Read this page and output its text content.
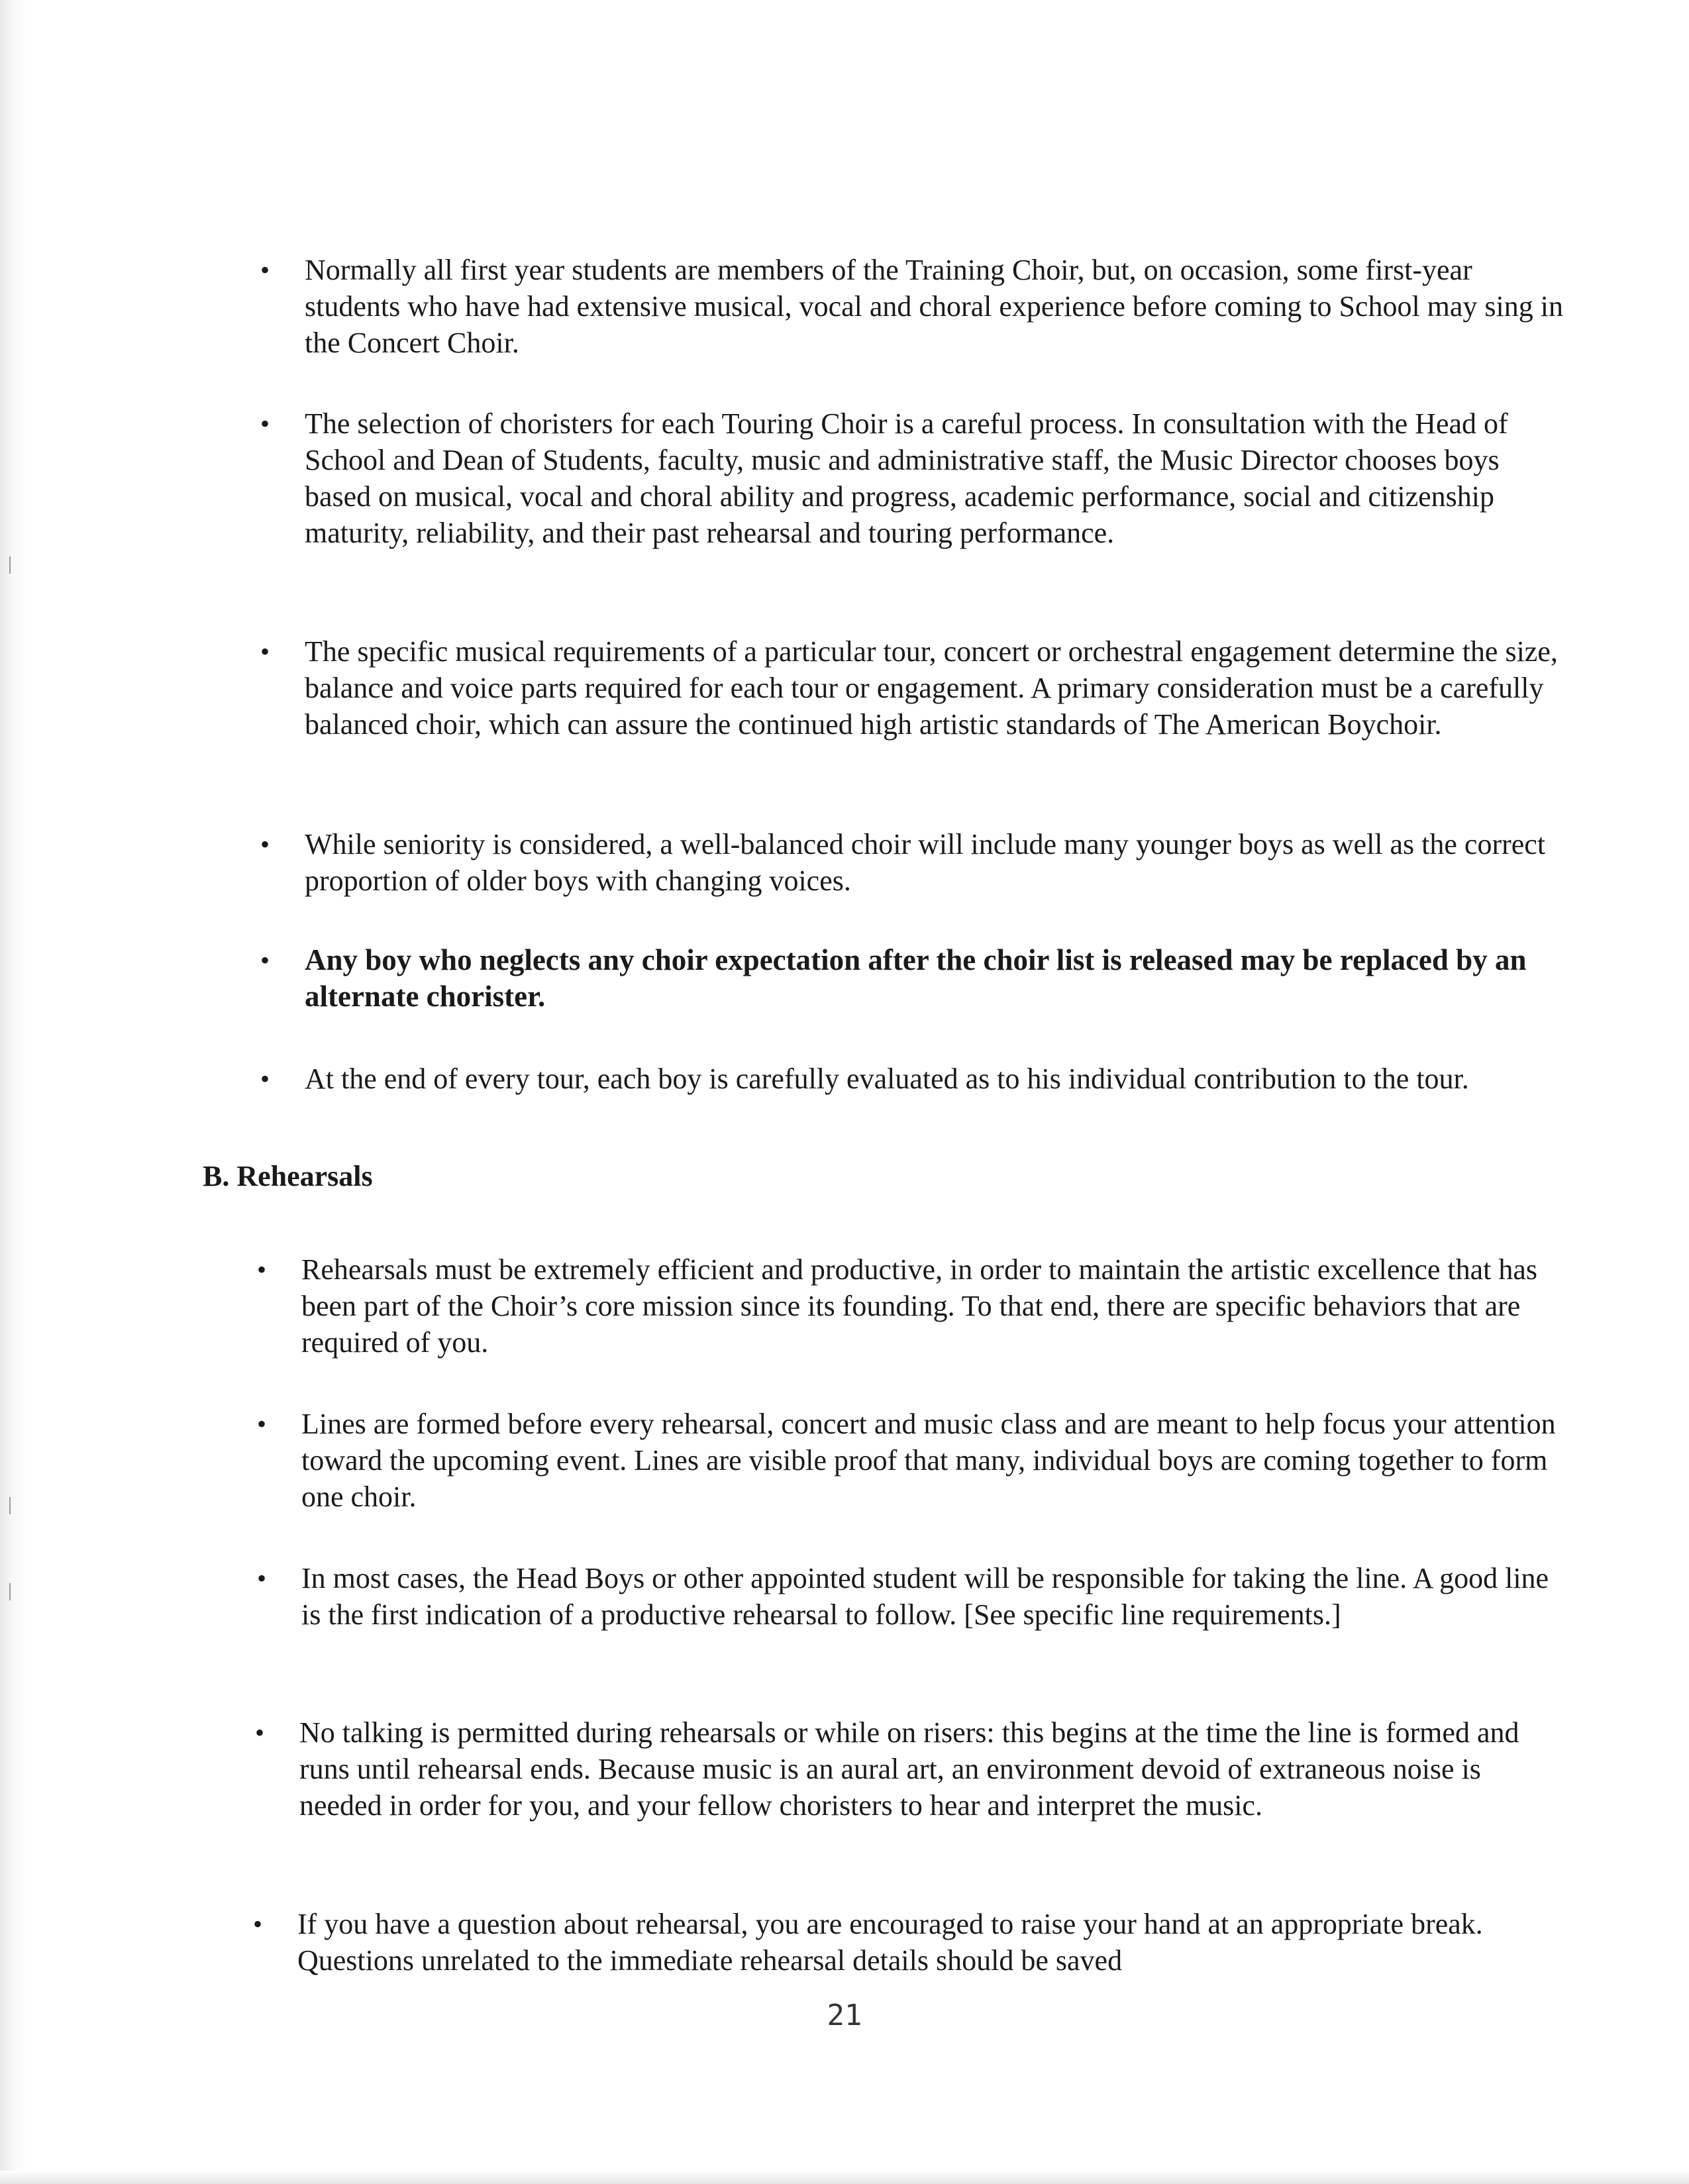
• Normally all first year students are members of the Training Choir, but, on occasion, some first-year students who have had extensive musical, vocal and choral experience before coming to School may sing in the Concert Choir.
• The selection of choristers for each Touring Choir is a careful process. In consultation with the Head of School and Dean of Students, faculty, music and administrative staff, the Music Director chooses boys based on musical, vocal and choral ability and progress, academic performance, social and citizenship maturity, reliability, and their past rehearsal and touring performance.
• The specific musical requirements of a particular tour, concert or orchestral engagement determine the size, balance and voice parts required for each tour or engagement. A primary consideration must be a carefully balanced choir, which can assure the continued high artistic standards of The American Boychoir.
• While seniority is considered, a well-balanced choir will include many younger boys as well as the correct proportion of older boys with changing voices.
• Any boy who neglects any choir expectation after the choir list is released may be replaced by an alternate chorister.
• At the end of every tour, each boy is carefully evaluated as to his individual contribution to the tour.
B. Rehearsals
• Rehearsals must be extremely efficient and productive, in order to maintain the artistic excellence that has been part of the Choir’s core mission since its founding. To that end, there are specific behaviors that are required of you.
• Lines are formed before every rehearsal, concert and music class and are meant to help focus your attention toward the upcoming event. Lines are visible proof that many, individual boys are coming together to form one choir.
• In most cases, the Head Boys or other appointed student will be responsible for taking the line. A good line is the first indication of a productive rehearsal to follow. [See specific line requirements.]
• No talking is permitted during rehearsals or while on risers: this begins at the time the line is formed and runs until rehearsal ends. Because music is an aural art, an environment devoid of extraneous noise is needed in order for you, and your fellow choristers to hear and interpret the music.
• If you have a question about rehearsal, you are encouraged to raise your hand at an appropriate break. Questions unrelated to the immediate rehearsal details should be saved
21
